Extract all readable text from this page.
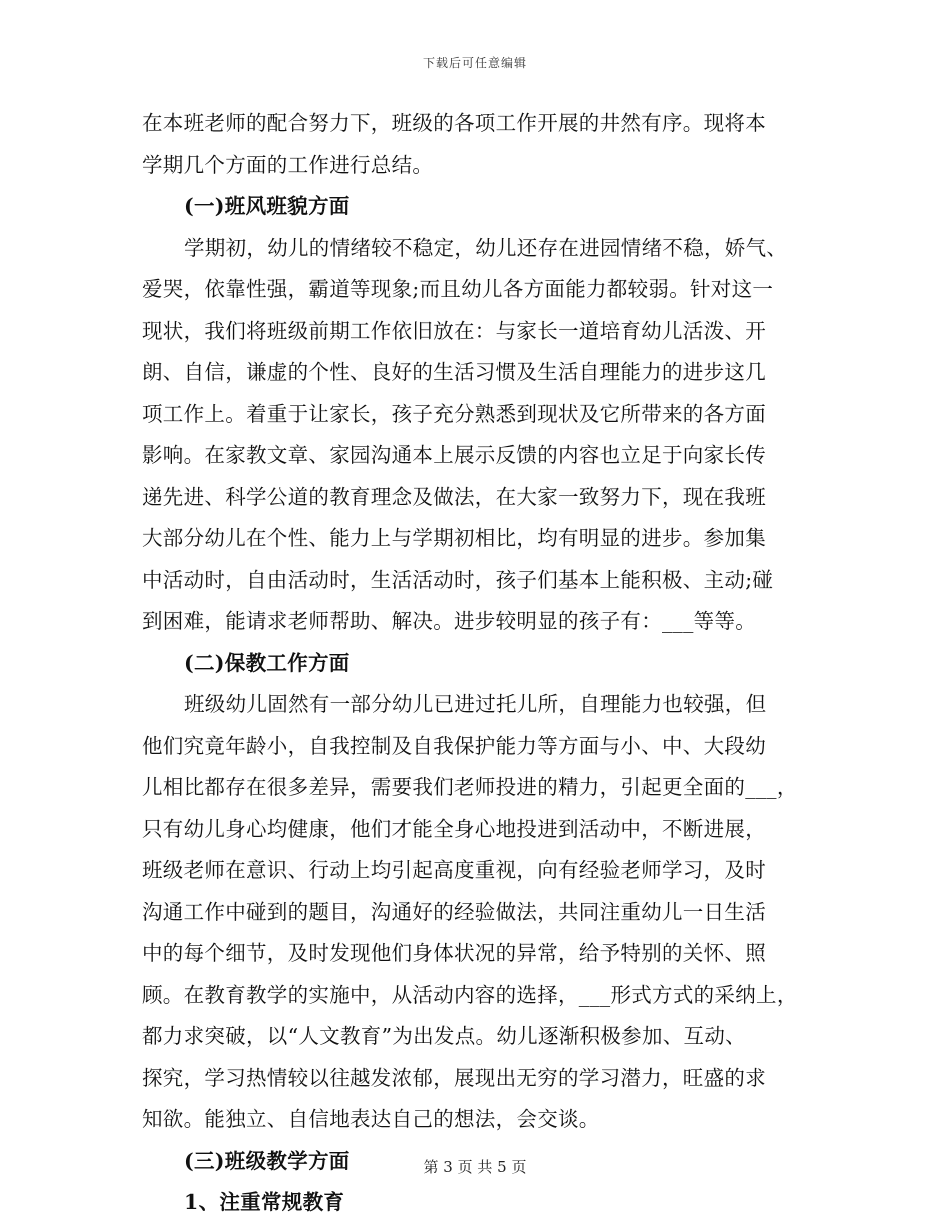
下载后可任意编辑
在本班老师的配合努力下，班级的各项工作开展的井然有序。现将本
学期几个方面的工作进行总结。
(一)班风班貌方面
学期初，幼儿的情绪较不稳定，幼儿还存在进园情绪不稳，娇气、
爱哭，依靠性强，霸道等现象;而且幼儿各方面能力都较弱。针对这一
现状，我们将班级前期工作依旧放在：与家长一道培育幼儿活泼、开
朗、自信，谦虚的个性、良好的生活习惯及生活自理能力的进步这几
项工作上。着重于让家长，孩子充分熟悉到现状及它所带来的各方面
影响。在家教文章、家园沟通本上展示反馈的内容也立足于向家长传
递先进、科学公道的教育理念及做法，在大家一致努力下，现在我班
大部分幼儿在个性、能力上与学期初相比，均有明显的进步。参加集
中活动时，自由活动时，生活活动时，孩子们基本上能积极、主动;碰
到困难，能请求老师帮助、解决。进步较明显的孩子有：___等等。
(二)保教工作方面
班级幼儿固然有一部分幼儿已进过托儿所，自理能力也较强，但
他们究竟年龄小，自我控制及自我保护能力等方面与小、中、大段幼
儿相比都存在很多差异，需要我们老师投进的精力，引起更全面的___，
只有幼儿身心均健康，他们才能全身心地投进到活动中，不断进展，
班级老师在意识、行动上均引起高度重视，向有经验老师学习，及时
沟通工作中碰到的题目，沟通好的经验做法，共同注重幼儿一日生活
中的每个细节，及时发现他们身体状况的异常，给予特别的关怀、照
顾。在教育教学的实施中，从活动内容的选择，___形式方式的采纳上，
都力求突破，以“人文教育”为出发点。幼儿逐渐积极参加、互动、
探究，学习热情较以往越发浓郁，展现出无穷的学习潜力，旺盛的求
知欲。能独立、自信地表达自己的想法，会交谈。
(三)班级教学方面
1、注重常规教育
第 3 页 共 5 页
